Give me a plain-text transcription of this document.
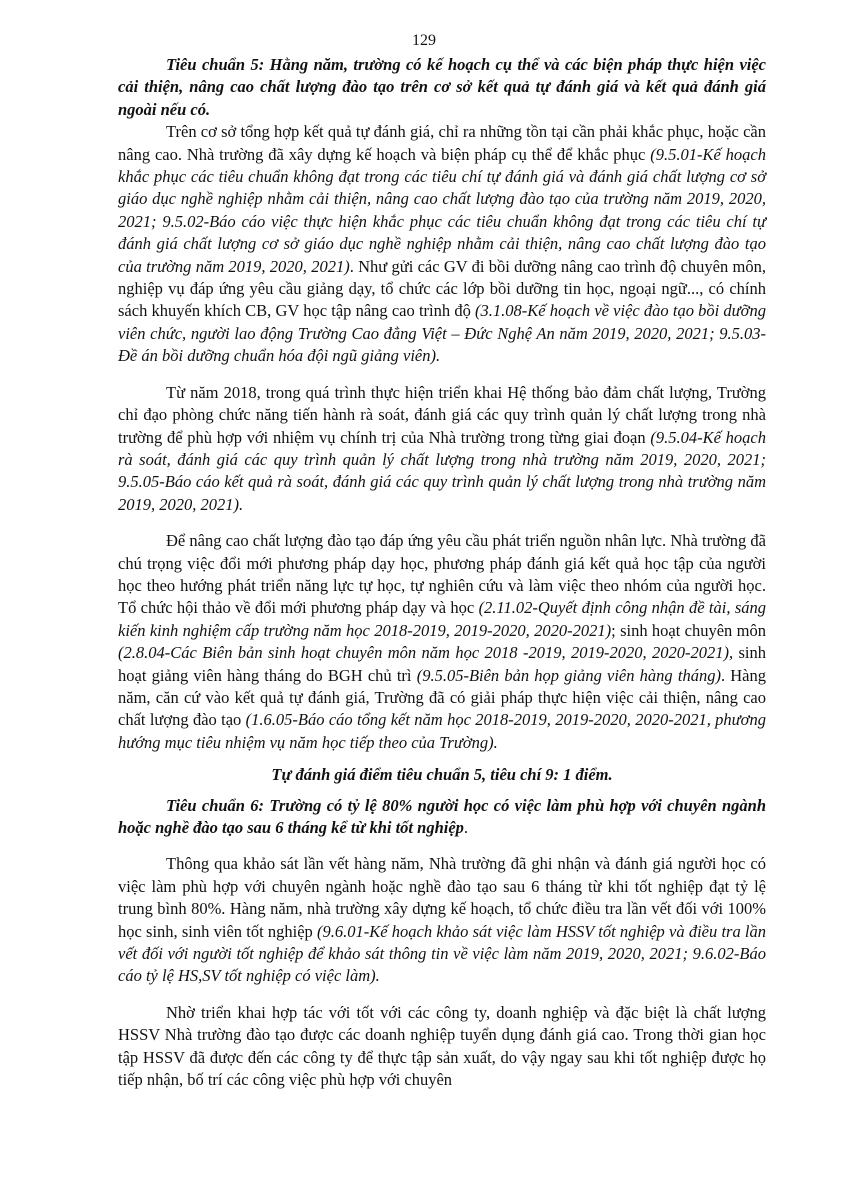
129

Tiêu chuẩn 5: Hằng năm, trường có kế hoạch cụ thể và các biện pháp thực hiện việc cải thiện, nâng cao chất lượng đào tạo trên cơ sở kết quả tự đánh giá và kết quả đánh giá ngoài nếu có.

Trên cơ sở tổng hợp kết quả tự đánh giá, chỉ ra những tồn tại cần phải khắc phục, hoặc cần nâng cao. Nhà trường đã xây dựng kế hoạch và biện pháp cụ thể để khắc phục (9.5.01-Kế hoạch khắc phục các tiêu chuẩn không đạt trong các tiêu chí tự đánh giá và đánh giá chất lượng cơ sở giáo dục nghề nghiệp nhằm cải thiện, nâng cao chất lượng đào tạo của trường năm 2019, 2020, 2021; 9.5.02-Báo cáo việc thực hiện khắc phục các tiêu chuẩn không đạt trong các tiêu chí tự đánh giá chất lượng cơ sở giáo dục nghề nghiệp nhằm cải thiện, nâng cao chất lượng đào tạo của trường năm 2019, 2020, 2021). Như gửi các GV đi bồi dưỡng nâng cao trình độ chuyên môn, nghiệp vụ đáp ứng yêu cầu giảng dạy, tổ chức các lớp bồi dưỡng tin học, ngoại ngữ..., có chính sách khuyến khích CB, GV học tập nâng cao trình độ (3.1.08-Kế hoạch về việc đào tạo bồi dưỡng viên chức, người lao động Trường Cao đẳng Việt – Đức Nghệ An năm 2019, 2020, 2021; 9.5.03-Đề án bồi dưỡng chuẩn hóa đội ngũ giảng viên).

Từ năm 2018, trong quá trình thực hiện triển khai Hệ thống bảo đảm chất lượng, Trường chỉ đạo phòng chức năng tiến hành rà soát, đánh giá các quy trình quản lý chất lượng trong nhà trường để phù hợp với nhiệm vụ chính trị của Nhà trường trong từng giai đoạn (9.5.04-Kế hoạch rà soát, đánh giá các quy trình quản lý chất lượng trong nhà trường năm 2019, 2020, 2021; 9.5.05-Báo cáo kết quả rà soát, đánh giá các quy trình quản lý chất lượng trong nhà trường năm 2019, 2020, 2021).

Để nâng cao chất lượng đào tạo đáp ứng yêu cầu phát triển nguồn nhân lực. Nhà trường đã chú trọng việc đổi mới phương pháp dạy học, phương pháp đánh giá kết quả học tập của người học theo hướng phát triển năng lực tự học, tự nghiên cứu và làm việc theo nhóm của người học. Tổ chức hội thảo về đổi mới phương pháp dạy và học (2.11.02-Quyết định công nhận đề tài, sáng kiến kinh nghiệm cấp trường năm học 2018-2019, 2019-2020, 2020-2021); sinh hoạt chuyên môn (2.8.04-Các Biên bản sinh hoạt chuyên môn năm học 2018 -2019, 2019-2020, 2020-2021), sinh hoạt giảng viên hàng tháng do BGH chủ trì (9.5.05-Biên bản họp giảng viên hàng tháng). Hàng năm, căn cứ vào kết quả tự đánh giá, Trường đã có giải pháp thực hiện việc cải thiện, nâng cao chất lượng đào tạo (1.6.05-Báo cáo tổng kết năm học 2018-2019, 2019-2020, 2020-2021, phương hướng mục tiêu nhiệm vụ năm học tiếp theo của Trường).

Tự đánh giá điểm tiêu chuẩn 5, tiêu chí 9: 1 điểm.

Tiêu chuẩn 6: Trường có tỷ lệ 80% người học có việc làm phù hợp với chuyên ngành hoặc nghề đào tạo sau 6 tháng kể từ khi tốt nghiệp.

Thông qua khảo sát lần vết hàng năm, Nhà trường đã ghi nhận và đánh giá người học có việc làm phù hợp với chuyên ngành hoặc nghề đào tạo sau 6 tháng từ khi tốt nghiệp đạt tỷ lệ trung bình 80%. Hàng năm, nhà trường xây dựng kế hoạch, tổ chức điều tra lần vết đối với 100% học sinh, sinh viên tốt nghiệp (9.6.01-Kế hoạch khảo sát việc làm HSSV tốt nghiệp và điều tra lần vết đối với người tốt nghiệp để khảo sát thông tin về việc làm năm 2019, 2020, 2021; 9.6.02-Báo cáo tỷ lệ HS,SV tốt nghiệp có việc làm).

Nhờ triển khai hợp tác với tốt với các công ty, doanh nghiệp và đặc biệt là chất lượng HSSV Nhà trường đào tạo được các doanh nghiệp tuyển dụng đánh giá cao. Trong thời gian học tập HSSV đã được đến các công ty để thực tập sản xuất, do vậy ngay sau khi tốt nghiệp được họ tiếp nhận, bố trí các công việc phù hợp với chuyên
